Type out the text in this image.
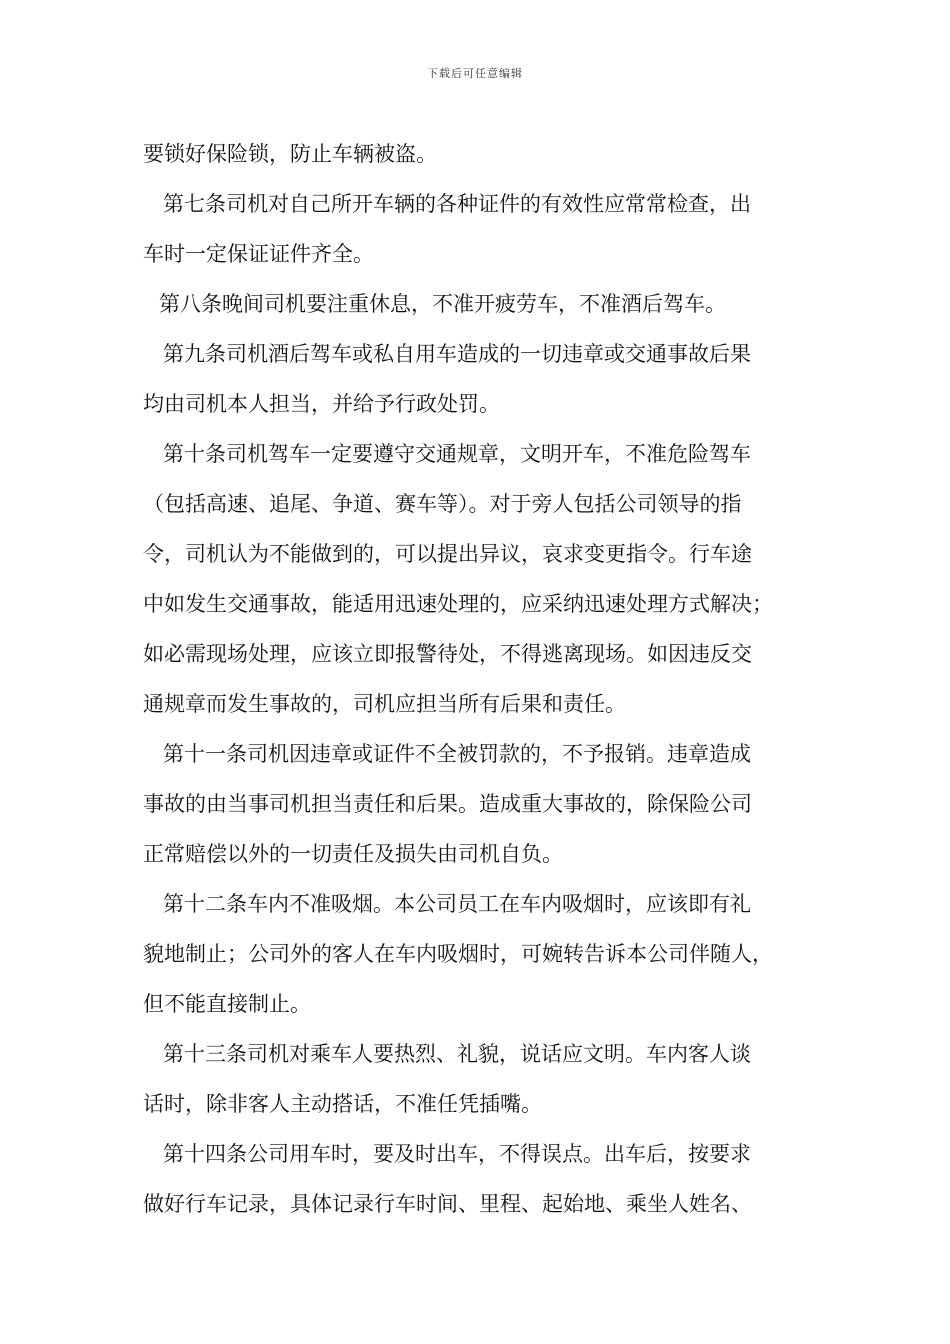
下载后可任意编辑
要锁好保险锁，防止车辆被盗。
第七条司机对自己所开车辆的各种证件的有效性应常常检查，出
车时一定保证证件齐全。
第八条晚间司机要注重休息，不准开疲劳车，不准酒后驾车。
第九条司机酒后驾车或私自用车造成的一切违章或交通事故后果
均由司机本人担当，并给予行政处罚。
第十条司机驾车一定要遵守交通规章，文明开车，不准危险驾车
（包括高速、追尾、争道、赛车等）。对于旁人包括公司领导的指
令，司机认为不能做到的，可以提出异议，哀求变更指令。行车途
中如发生交通事故，能适用迅速处理的，应采纳迅速处理方式解决；
如必需现场处理，应该立即报警待处，不得逃离现场。如因违反交
通规章而发生事故的，司机应担当所有后果和责任。
第十一条司机因违章或证件不全被罚款的，不予报销。违章造成
事故的由当事司机担当责任和后果。造成重大事故的，除保险公司
正常赔偿以外的一切责任及损失由司机自负。
第十二条车内不准吸烟。本公司员工在车内吸烟时，应该即有礼
貌地制止；公司外的客人在车内吸烟时，可婉转告诉本公司伴随人，
但不能直接制止。
第十三条司机对乘车人要热烈、礼貌，说话应文明。车内客人谈
话时，除非客人主动搭话，不准任凭插嘴。
第十四条公司用车时，要及时出车，不得误点。出车后，按要求
做好行车记录，具体记录行车时间、里程、起始地、乘坐人姓名、
